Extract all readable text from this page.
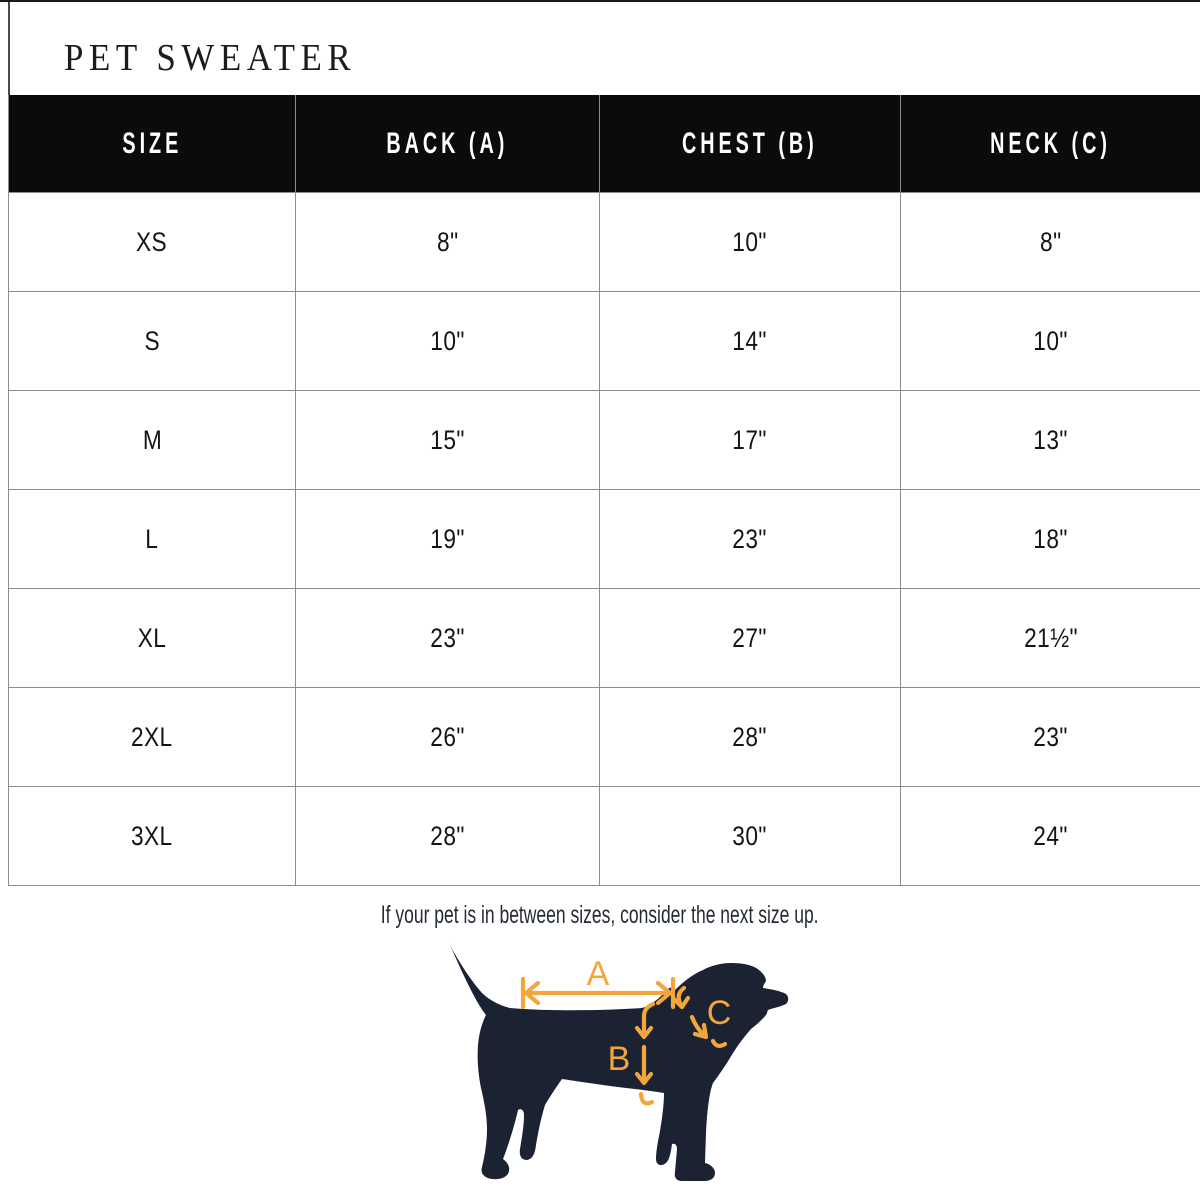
PET SWEATER
SIZE	BACK (A)	CHEST (B)	NECK (C)
XS	8"	10"	8"
S	10"	14"	10"
M	15"	17"	13"
L	19"	23"	18"
XL	23"	27"	21½"
2XL	26"	28"	23"
3XL	28"	30"	24"
If your pet is in between sizes, consider the next size up.
A
B
C
